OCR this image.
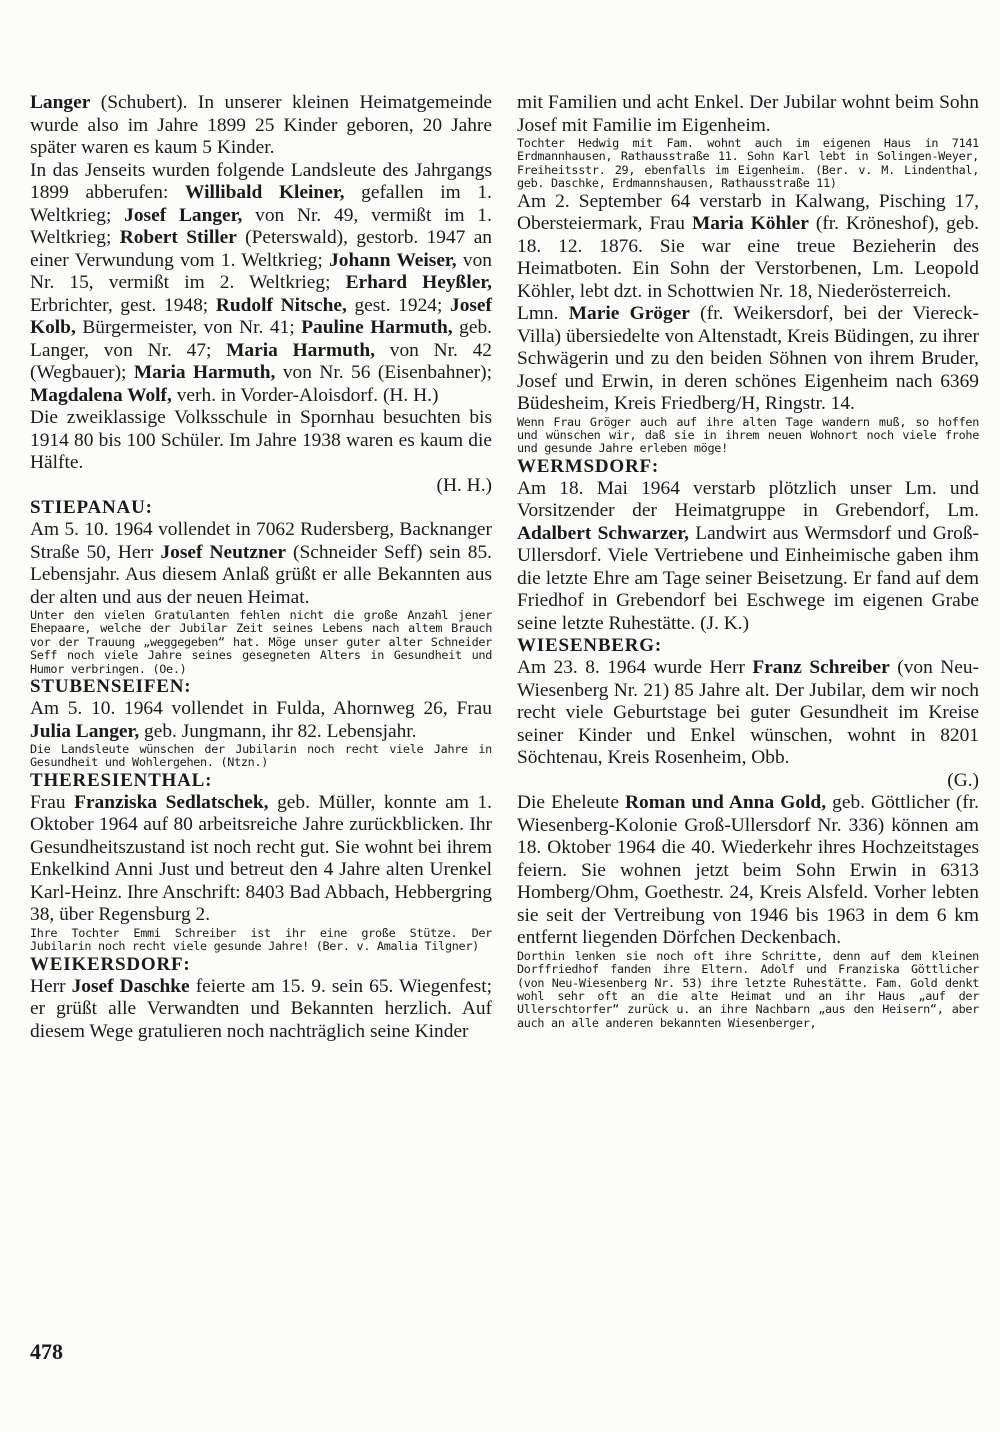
Langer (Schubert). In unserer kleinen Heimatgemeinde wurde also im Jahre 1899 25 Kinder geboren, 20 Jahre später waren es kaum 5 Kinder.

In das Jenseits wurden folgende Landsleute des Jahrgangs 1899 abberufen: Willibald Kleiner, gefallen im 1. Weltkrieg; Josef Langer, von Nr. 49, vermißt im 1. Weltkrieg; Robert Stiller (Peterswald), gestorb. 1947 an einer Verwundung vom 1. Weltkrieg; Johann Weiser, von Nr. 15, vermißt im 2. Weltkrieg; Erhard Heyßler, Erbrichter, gest. 1948; Rudolf Nitsche, gest. 1924; Josef Kolb, Bürgermeister, von Nr. 41; Pauline Harmuth, geb. Langer, von Nr. 47; Maria Harmuth, von Nr. 42 (Wegbauer); Maria Harmuth, von Nr. 56 (Eisenbahner); Magdalena Wolf, verh. in Vorder-Aloisdorf. (H. H.)

Die zweiklassige Volksschule in Spornhau besuchten bis 1914 80 bis 100 Schüler. Im Jahre 1938 waren es kaum die Hälfte.

(H. H.)

STIEPANAU:

Am 5. 10. 1964 vollendet in 7062 Rudersberg, Backnanger Straße 50, Herr Josef Neutzner (Schneider Seff) sein 85. Lebensjahr. Aus diesem Anlaß grüßt er alle Bekannten aus der alten und aus der neuen Heimat.

Unter den vielen Gratulanten fehlen nicht die große Anzahl jener Ehepaare, welche der Jubilar Zeit seines Lebens nach altem Brauch vor der Trauung „weggegeben“ hat. Möge unser guter alter Schneider Seff noch viele Jahre seines gesegneten Alters in Gesundheit und Humor verbringen. (Oe.)

STUBENSEIFEN:

Am 5. 10. 1964 vollendet in Fulda, Ahornweg 26, Frau Julia Langer, geb. Jungmann, ihr 82. Lebensjahr.

Die Landsleute wünschen der Jubilarin noch recht viele Jahre in Gesundheit und Wohlergehen. (Ntzn.)

THERESIENTHAL:

Frau Franziska Sedlatschek, geb. Müller, konnte am 1. Oktober 1964 auf 80 arbeitsreiche Jahre zurückblicken. Ihr Gesundheitszustand ist noch recht gut. Sie wohnt bei ihrem Enkelkind Anni Just und betreut den 4 Jahre alten Urenkel Karl-Heinz. Ihre Anschrift: 8403 Bad Abbach, Hebbergring 38, über Regensburg 2.

Ihre Tochter Emmi Schreiber ist ihr eine große Stütze. Der Jubilarin noch recht viele gesunde Jahre! (Ber. v. Amalia Tilgner)

WEIKERSDORF:

Herr Josef Daschke feierte am 15. 9. sein 65. Wiegenfest; er grüßt alle Verwandten und Bekannten herzlich. Auf diesem Wege gratulieren noch nachträglich seine Kinder

mit Familien und acht Enkel. Der Jubilar wohnt beim Sohn Josef mit Familie im Eigenheim.

Tochter Hedwig mit Fam. wohnt auch im eigenen Haus in 7141 Erdmannhausen, Rathausstraße 11. Sohn Karl lebt in Solingen-Weyer, Freiheitsstr. 29, ebenfalls im Eigenheim. (Ber. v. M. Lindenthal, geb. Daschke, Erdmannshausen, Rathausstraße 11)

Am 2. September 64 verstarb in Kalwang, Pisching 17, Obersteiermark, Frau Maria Köhler (fr. Kröneshof), geb. 18. 12. 1876. Sie war eine treue Bezieherin des Heimatboten. Ein Sohn der Verstorbenen, Lm. Leopold Köhler, lebt dzt. in Schottwien Nr. 18, Niederösterreich.

Lmn. Marie Gröger (fr. Weikersdorf, bei der Viereck-Villa) übersiedelte von Altenstadt, Kreis Büdingen, zu ihrer Schwägerin und zu den beiden Söhnen von ihrem Bruder, Josef und Erwin, in deren schönes Eigenheim nach 6369 Büdesheim, Kreis Friedberg/H, Ringstr. 14.

Wenn Frau Gröger auch auf ihre alten Tage wandern muß, so hoffen und wünschen wir, daß sie in ihrem neuen Wohnort noch viele frohe und gesunde Jahre erleben möge!

WERMSDORF:

Am 18. Mai 1964 verstarb plötzlich unser Lm. und Vorsitzender der Heimatgruppe in Grebendorf, Lm. Adalbert Schwarzer, Landwirt aus Wermsdorf und Groß-Ullersdorf. Viele Vertriebene und Einheimische gaben ihm die letzte Ehre am Tage seiner Beisetzung. Er fand auf dem Friedhof in Grebendorf bei Eschwege im eigenen Grabe seine letzte Ruhestätte. (J. K.)

WIESENBERG:

Am 23. 8. 1964 wurde Herr Franz Schreiber (von Neu-Wiesenberg Nr. 21) 85 Jahre alt. Der Jubilar, dem wir noch recht viele Geburtstage bei guter Gesundheit im Kreise seiner Kinder und Enkel wünschen, wohnt in 8201 Söchtenau, Kreis Rosenheim, Obb.

(G.)

Die Eheleute Roman und Anna Gold, geb. Göttlicher (fr. Wiesenberg-Kolonie Groß-Ullersdorf Nr. 336) können am 18. Oktober 1964 die 40. Wiederkehr ihres Hochzeitstages feiern. Sie wohnen jetzt beim Sohn Erwin in 6313 Homberg/Ohm, Goethestr. 24, Kreis Alsfeld. Vorher lebten sie seit der Vertreibung von 1946 bis 1963 in dem 6 km entfernt liegenden Dörfchen Deckenbach.

Dorthin lenken sie noch oft ihre Schritte, denn auf dem kleinen Dorffriedhof fanden ihre Eltern. Adolf und Franziska Göttlicher (von Neu-Wiesenberg Nr. 53) ihre letzte Ruhestätte. Fam. Gold denkt wohl sehr oft an die alte Heimat und an ihr Haus „auf der Ullerschtorfer“ zurück u. an ihre Nachbarn „aus den Heisern“, aber auch an alle anderen bekannten Wiesenberger,

478
